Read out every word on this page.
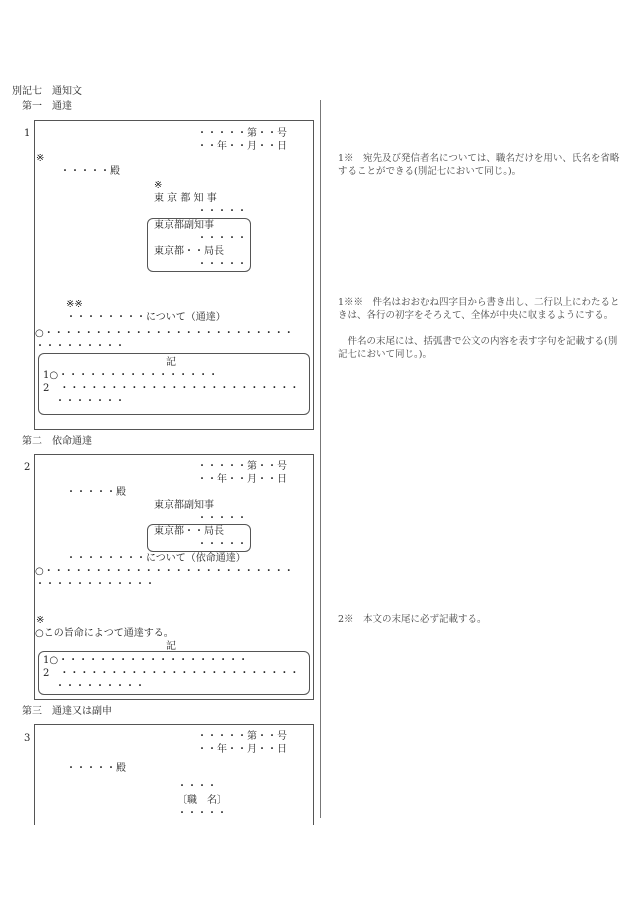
別記七　通知文
第一　通達
1	・・・・・第・・号
・・年・・月・・日
※
・・・・・殿
※
東 京 都 知 事
・・・・・
東京都副知事
・・・・・
東京都・・局長
・・・・・
※※
・・・・・・・・について（通達）
○・・・・・・・・・・・・・・・・・・・・・・・・・
・・・・・・・・・
記
1○・・・・・・・・・・・・・・・・
2　・・・・・・・・・・・・・・・・・・・・・・・・
・・・・・・・
第二　依命通達
2	・・・・・第・・号
・・年・・月・・日
・・・・・殿
東京都副知事
・・・・・
東京都・・局長
・・・・・
・・・・・・・・について（依命通達）
○・・・・・・・・・・・・・・・・・・・・・・・・・
・・・・・・・・・・・・
※
○この旨命によつて通達する。
記
1○・・・・・・・・・・・・・・・・・・・
2　・・・・・・・・・・・・・・・・・・・・・・・・
・・・・・・・・・
第三　通達又は副申
3	・・・・・第・・号
・・年・・月・・日
・・・・・殿
・・・・
〔職　名〕
・・・・・
1※　宛先及び発信者名については、職名だけを用い、氏名を省略することができる(別記七において同じ。)。
1※※　件名はおおむね四字目から書き出し、二行以上にわたるときは、各行の初字をそろえて、全体が中央に収まるようにする。
　件名の末尾には、括弧書で公文の内容を表す字句を記載する(別記七において同じ。)。
2※　本文の末尾に必ず記載する。
